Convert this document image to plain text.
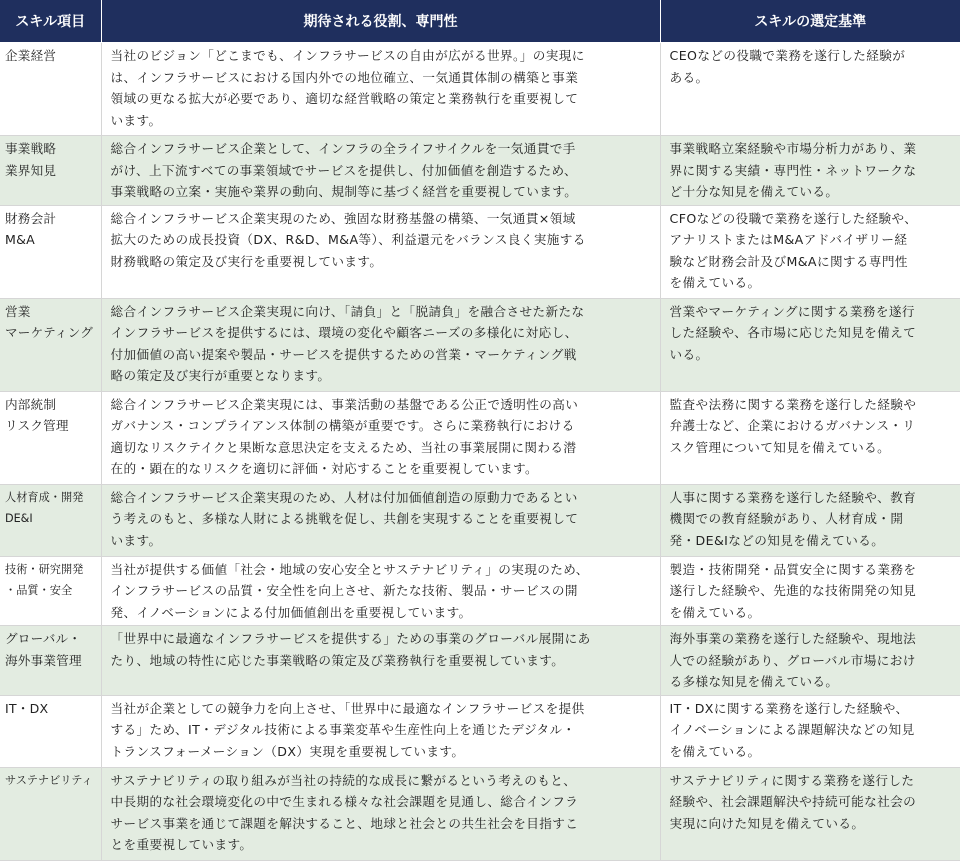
スキル項目	期待される役割、専門性	スキルの選定基準

企業経営	当社のビジョン「どこまでも、インフラサービスの自由が広がる世界。」の実現に
は、インフラサービスにおける国内外での地位確立、一気通貫体制の構築と事業
領域の更なる拡大が必要であり、適切な経営戦略の策定と業務執行を重要視して
います。	CEOなどの役職で業務を遂行した経験が
ある。

事業戦略
業界知見	総合インフラサービス企業として、インフラの全ライフサイクルを一気通貫で手
がけ、上下流すべての事業領域でサービスを提供し、付加価値を創造するため、
事業戦略の立案・実施や業界の動向、規制等に基づく経営を重要視しています。	事業戦略立案経験や市場分析力があり、業
界に関する実績・専門性・ネットワークな
ど十分な知見を備えている。

財務会計
M&A	総合インフラサービス企業実現のため、強固な財務基盤の構築、一気通貫×領域
拡大のための成長投資（DX、R&D、M&A等）、利益還元をバランス良く実施する
財務戦略の策定及び実行を重要視しています。	CFOなどの役職で業務を遂行した経験や、
アナリストまたはM&Aアドバイザリー経
験など財務会計及びM&Aに関する専門性
を備えている。

営業
マーケティング	総合インフラサービス企業実現に向け、「請負」と「脱請負」を融合させた新たな
インフラサービスを提供するには、環境の変化や顧客ニーズの多様化に対応し、
付加価値の高い提案や製品・サービスを提供するための営業・マーケティング戦
略の策定及び実行が重要となります。	営業やマーケティングに関する業務を遂行
した経験や、各市場に応じた知見を備えて
いる。

内部統制
リスク管理	総合インフラサービス企業実現には、事業活動の基盤である公正で透明性の高い
ガバナンス・コンプライアンス体制の構築が重要です。さらに業務執行における
適切なリスクテイクと果断な意思決定を支えるため、当社の事業展開に関わる潜
在的・顕在的なリスクを適切に評価・対応することを重要視しています。	監査や法務に関する業務を遂行した経験や
弁護士など、企業におけるガバナンス・リ
スク管理について知見を備えている。

人材育成・開発
DE&I	総合インフラサービス企業実現のため、人材は付加価値創造の原動力であるとい
う考えのもと、多様な人財による挑戦を促し、共創を実現することを重要視して
います。	人事に関する業務を遂行した経験や、教育
機関での教育経験があり、人材育成・開
発・DE&Iなどの知見を備えている。

技術・研究開発
・品質・安全	当社が提供する価値「社会・地域の安心安全とサステナビリティ」の実現のため、
インフラサービスの品質・安全性を向上させ、新たな技術、製品・サービスの開
発、イノベーションによる付加価値創出を重要視しています。	製造・技術開発・品質安全に関する業務を
遂行した経験や、先進的な技術開発の知見
を備えている。

グローバル・
海外事業管理	「世界中に最適なインフラサービスを提供する」ための事業のグローバル展開にあ
たり、地域の特性に応じた事業戦略の策定及び業務執行を重要視しています。	海外事業の業務を遂行した経験や、現地法
人での経験があり、グローバル市場におけ
る多様な知見を備えている。

IT・DX	当社が企業としての競争力を向上させ、「世界中に最適なインフラサービスを提供
する」ため、IT・デジタル技術による事業変革や生産性向上を通じたデジタル・
トランスフォーメーション（DX）実現を重要視しています。	IT・DXに関する業務を遂行した経験や、
イノベーションによる課題解決などの知見
を備えている。

サステナビリティ	サステナビリティの取り組みが当社の持続的な成長に繋がるという考えのもと、
中長期的な社会環境変化の中で生まれる様々な社会課題を見通し、総合インフラ
サービス事業を通じて課題を解決すること、地球と社会との共生社会を目指すこ
とを重要視しています。	サステナビリティに関する業務を遂行した
経験や、社会課題解決や持続可能な社会の
実現に向けた知見を備えている。
